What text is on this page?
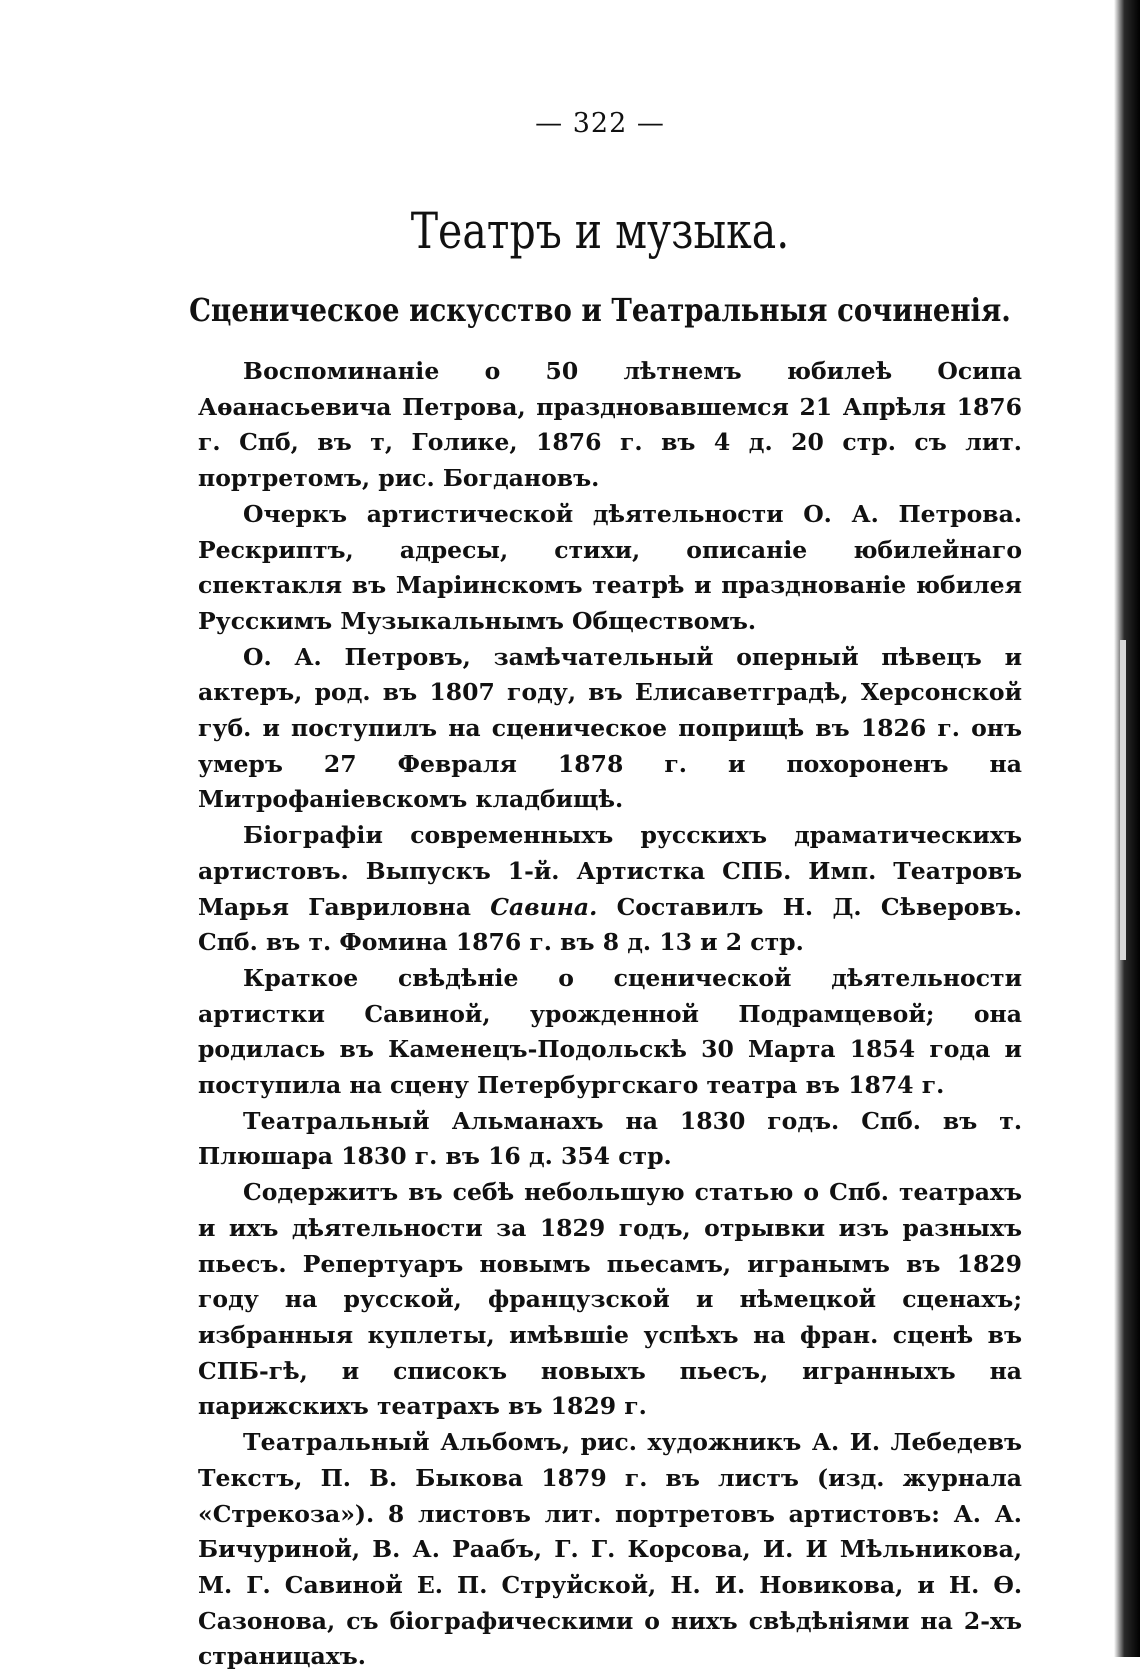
— 322 —
Театръ и музыка.
Сценическое искусство и Театральныя сочиненія.

Воспоминаніе о 50 лѣтнемъ юбилеѣ Осипа Аѳанасьевича Петрова, праздновавшемся 21 Апрѣля 1876 г. Спб, въ т, Голике, 1876 г. въ 4 д. 20 стр. съ лит. портретомъ, рис. Богдановъ.

Очеркъ артистической дѣятельности О. А. Петрова. Рескриптъ, адресы, стихи, описаніе юбилейнаго спектакля въ Маріинскомъ театрѣ и празднованіе юбилея Русскимъ Музыкальнымъ Обществомъ.

О. А. Петровъ, замѣчательный оперный пѣвецъ и актеръ, род. въ 1807 году, въ Елисаветградѣ, Херсонской губ. и поступилъ на сценическое поприщѣ въ 1826 г. онъ умеръ 27 Февраля 1878 г. и похороненъ на Митрофаніевскомъ кладбищѣ.

Біографіи современныхъ русскихъ драматическихъ артистовъ. Выпускъ 1-й. Артистка СПБ. Имп. Театровъ Марья Гавриловна Савина. Составилъ Н. Д. Сѣверовъ. Спб. въ т. Фомина 1876 г. въ 8 д. 13 и 2 стр.

Краткое свѣдѣніе о сценической дѣятельности артистки Савиной, урожденной Подрамцевой; она родилась въ Каменецъ-Подольскѣ 30 Марта 1854 года и поступила на сцену Петербургскаго театра въ 1874 г.

Театральный Альманахъ на 1830 годъ. Спб. въ т. Плюшара 1830 г. въ 16 д. 354 стр.

Содержитъ въ себѣ небольшую статью о Спб. театрахъ и ихъ дѣятельности за 1829 годъ, отрывки изъ разныхъ пьесъ. Репертуаръ новымъ пьесамъ, игранымъ въ 1829 году на русской, французской и нѣмецкой сценахъ; избранныя куплеты, имѣвшіе успѣхъ на фран. сценѣ въ СПБ-гѣ, и списокъ новыхъ пьесъ, игранныхъ на парижскихъ театрахъ въ 1829 г.

Театральный Альбомъ, рис. художникъ А. И. Лебедевъ Текстъ, П. В. Быкова 1879 г. въ листъ (изд. журнала «Стрекоза»). 8 листовъ лит. портретовъ артистовъ: А. А. Бичуриной, В. А. Раабъ, Г. Г. Корсова, И. И Мѣльникова, М. Г. Савиной Е. П. Струйской, Н. И. Новикова, и Н. Ѳ. Сазонова, съ біографическими о нихъ свѣдѣніями на 2-хъ страницахъ.
